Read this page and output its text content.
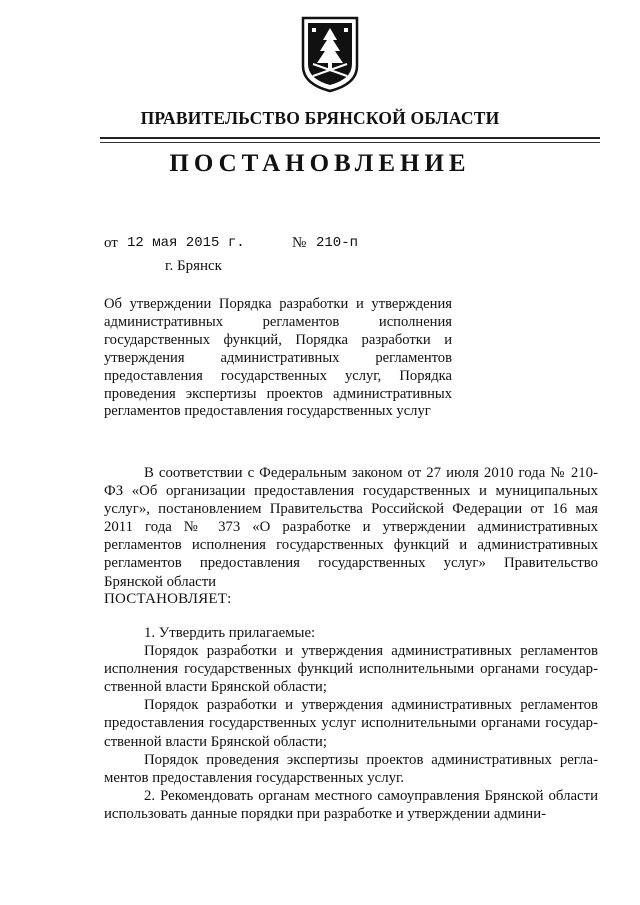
ПРАВИТЕЛЬСТВО БРЯНСКОЙ ОБЛАСТИ
ПОСТАНОВЛЕНИЕ
от 12 мая 2015 г.	№ 210-п
г. Брянск
Об утверждении Порядка разработки и утверждения административных регламентов исполнения государственных функций, Порядка разработки и утверждения административных регламентов предоставления государственных услуг, Порядка проведения экспертизы проектов административных регламентов предоставления государственных услуг

В соответствии с Федеральным законом от 27 июля 2010 года № 210-ФЗ «Об организации предоставления государственных и муниципальных услуг», постановлением Правительства Российской Федерации от 16 мая 2011 года № 373 «О разработке и утверждении административных регламентов исполнения государственных функций и административных регламентов предоставления государственных услуг» Правительство Брянской области

ПОСТАНОВЛЯЕТ:

1. Утвердить прилагаемые:

Порядок разработки и утверждения административных регламентов исполнения государственных функций исполнительными органами государственной власти Брянской области;

Порядок разработки и утверждения административных регламентов предоставления государственных услуг исполнительными органами государственной власти Брянской области;

Порядок проведения экспертизы проектов административных регламентов предоставления государственных услуг.

2. Рекомендовать органам местного самоуправления Брянской области использовать данные порядки при разработке и утверждении админи-
